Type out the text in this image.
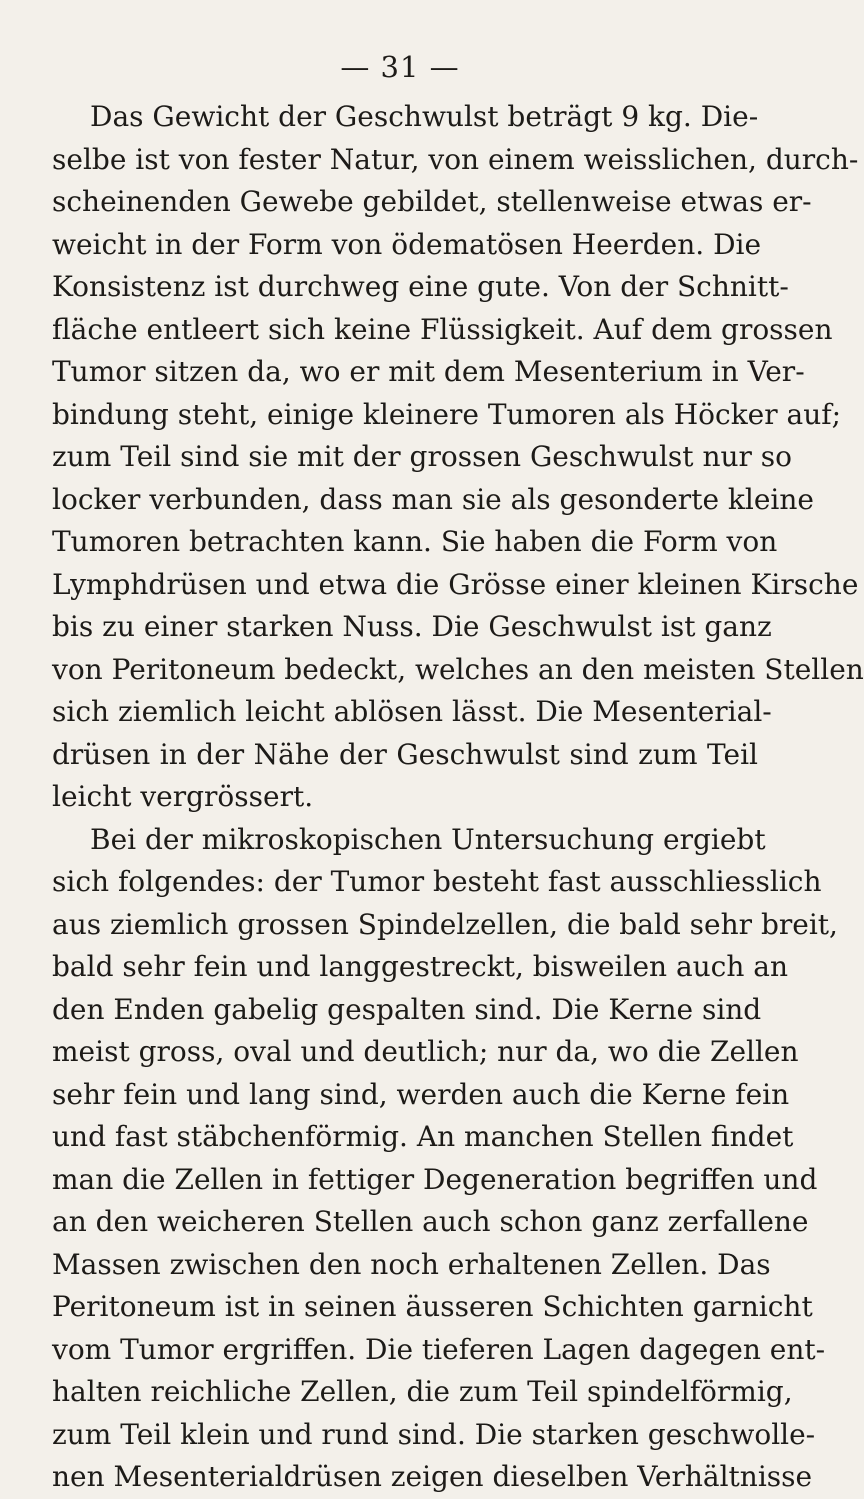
— 31 —
Das Gewicht der Geschwulst beträgt 9 kg. Die-
selbe ist von fester Natur, von einem weisslichen, durch-
scheinenden Gewebe gebildet, stellenweise etwas er-
weicht in der Form von ödematösen Heerden. Die
Konsistenz ist durchweg eine gute. Von der Schnitt-
fläche entleert sich keine Flüssigkeit. Auf dem grossen
Tumor sitzen da, wo er mit dem Mesenterium in Ver-
bindung steht, einige kleinere Tumoren als Höcker auf;
zum Teil sind sie mit der grossen Geschwulst nur so
locker verbunden, dass man sie als gesonderte kleine
Tumoren betrachten kann. Sie haben die Form von
Lymphdrüsen und etwa die Grösse einer kleinen Kirsche
bis zu einer starken Nuss. Die Geschwulst ist ganz
von Peritoneum bedeckt, welches an den meisten Stellen
sich ziemlich leicht ablösen lässt. Die Mesenterial-
drüsen in der Nähe der Geschwulst sind zum Teil
leicht vergrössert.
Bei der mikroskopischen Untersuchung ergiebt
sich folgendes: der Tumor besteht fast ausschliesslich
aus ziemlich grossen Spindelzellen, die bald sehr breit,
bald sehr fein und langgestreckt, bisweilen auch an
den Enden gabelig gespalten sind. Die Kerne sind
meist gross, oval und deutlich; nur da, wo die Zellen
sehr fein und lang sind, werden auch die Kerne fein
und fast stäbchenförmig. An manchen Stellen findet
man die Zellen in fettiger Degeneration begriffen und
an den weicheren Stellen auch schon ganz zerfallene
Massen zwischen den noch erhaltenen Zellen. Das
Peritoneum ist in seinen äusseren Schichten garnicht
vom Tumor ergriffen. Die tieferen Lagen dagegen ent-
halten reichliche Zellen, die zum Teil spindelförmig,
zum Teil klein und rund sind. Die starken geschwolle-
nen Mesenterialdrüsen zeigen dieselben Verhältnisse
